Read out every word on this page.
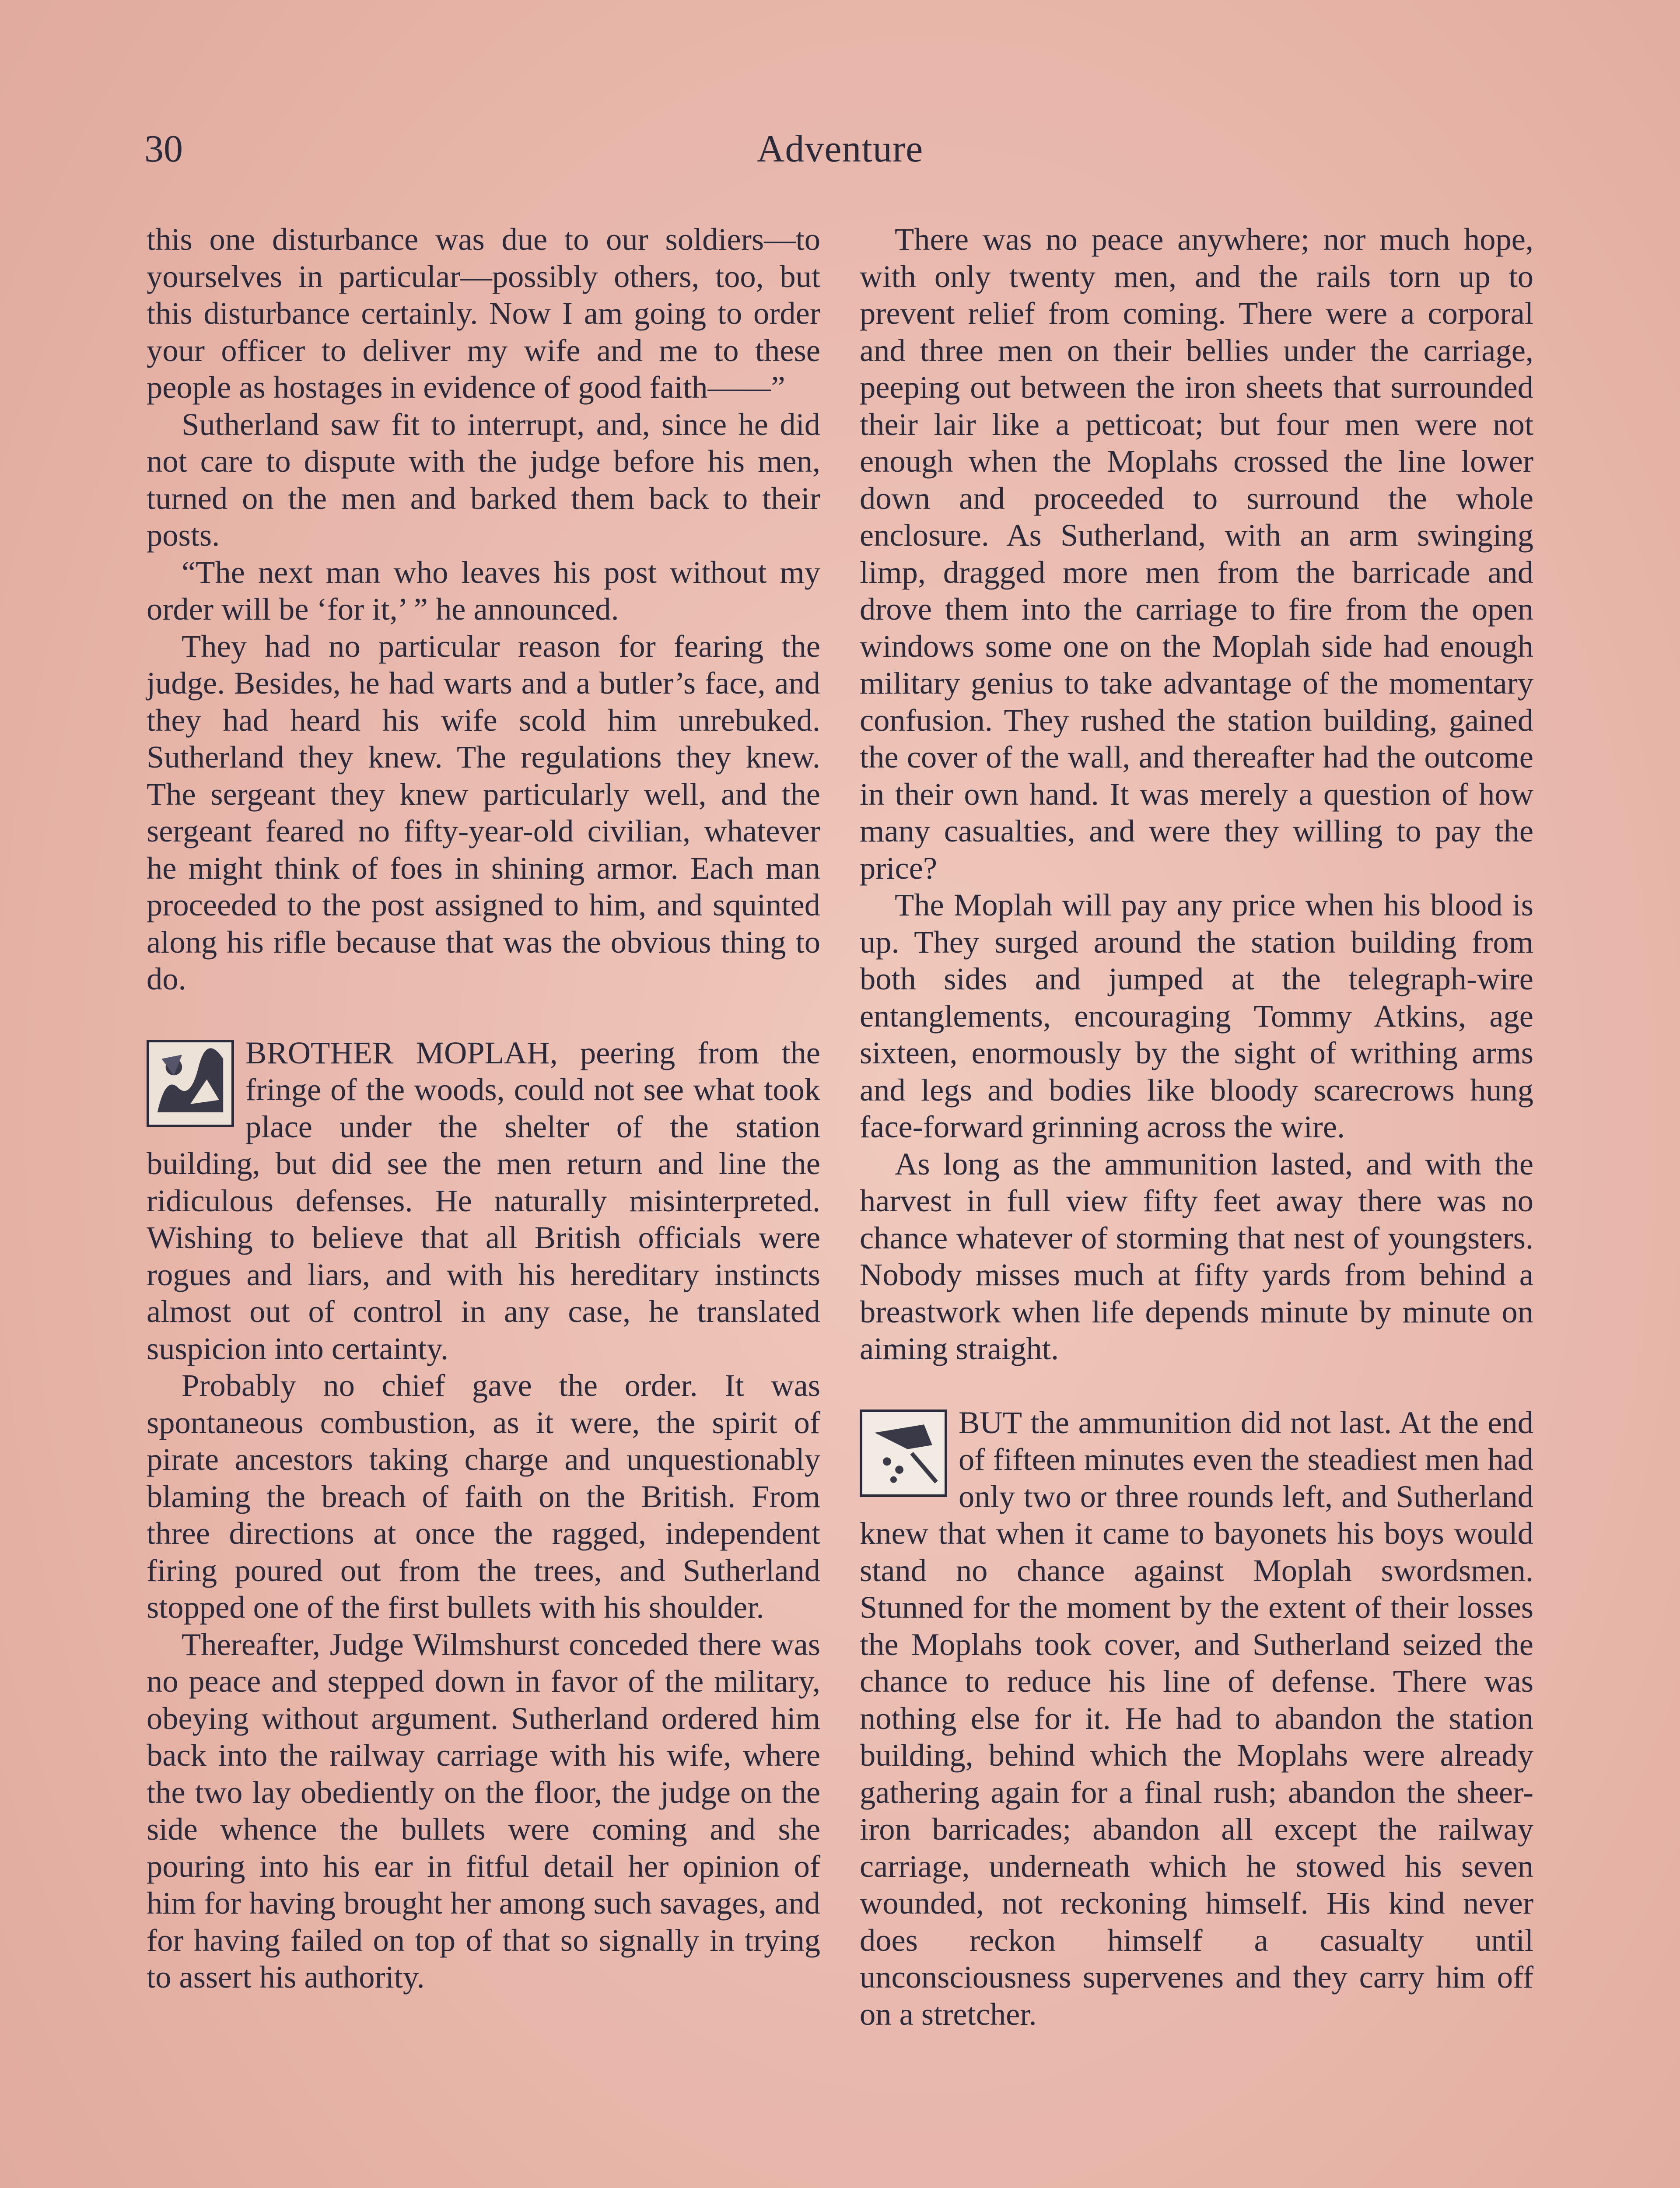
30	Adventure

this one disturbance was due to our soldiers—to yourselves in particular—possibly others, too, but this disturbance certainly. Now I am going to order your officer to deliver my wife and me to these people as hostages in evidence of good faith——”

Sutherland saw fit to interrupt, and, since he did not care to dispute with the judge before his men, turned on the men and barked them back to their posts.

“The next man who leaves his post without my order will be ‘for it,’ ” he announced.

They had no particular reason for fearing the judge. Besides, he had warts and a butler’s face, and they had heard his wife scold him unrebuked. Sutherland they knew. The regulations they knew. The sergeant they knew particularly well, and the sergeant feared no fifty-year-old civilian, whatever he might think of foes in shining armor. Each man proceeded to the post assigned to him, and squinted along his rifle because that was the obvious thing to do.

BROTHER MOPLAH, peering from the fringe of the woods, could not see what took place under the shelter of the station building, but did see the men return and line the ridiculous defenses. He naturally misinterpreted. Wishing to believe that all British officials were rogues and liars, and with his hereditary instincts almost out of control in any case, he translated suspicion into certainty.

Probably no chief gave the order. It was spontaneous combustion, as it were, the spirit of pirate ancestors taking charge and unquestionably blaming the breach of faith on the British. From three directions at once the ragged, independent firing poured out from the trees, and Sutherland stopped one of the first bullets with his shoulder.

Thereafter, Judge Wilmshurst conceded there was no peace and stepped down in favor of the military, obeying without argument. Sutherland ordered him back into the railway carriage with his wife, where the two lay obediently on the floor, the judge on the side whence the bullets were coming and she pouring into his ear in fitful detail her opinion of him for having brought her among such savages, and for having failed on top of that so signally in trying to assert his authority.

There was no peace anywhere; nor much hope, with only twenty men, and the rails torn up to prevent relief from coming. There were a corporal and three men on their bellies under the carriage, peeping out between the iron sheets that surrounded their lair like a petticoat; but four men were not enough when the Moplahs crossed the line lower down and proceeded to surround the whole enclosure. As Sutherland, with an arm swinging limp, dragged more men from the barricade and drove them into the carriage to fire from the open windows some one on the Moplah side had enough military genius to take advantage of the momentary confusion. They rushed the station building, gained the cover of the wall, and thereafter had the outcome in their own hand. It was merely a question of how many casualties, and were they willing to pay the price?

The Moplah will pay any price when his blood is up. They surged around the station building from both sides and jumped at the telegraph-wire entanglements, encouraging Tommy Atkins, age sixteen, enormously by the sight of writhing arms and legs and bodies like bloody scarecrows hung face-forward grinning across the wire.

As long as the ammunition lasted, and with the harvest in full view fifty feet away there was no chance whatever of storming that nest of youngsters. Nobody misses much at fifty yards from behind a breastwork when life depends minute by minute on aiming straight.

BUT the ammunition did not last. At the end of fifteen minutes even the steadiest men had only two or three rounds left, and Sutherland knew that when it came to bayonets his boys would stand no chance against Moplah swordsmen. Stunned for the moment by the extent of their losses the Moplahs took cover, and Sutherland seized the chance to reduce his line of defense. There was nothing else for it. He had to abandon the station building, behind which the Moplahs were already gathering again for a final rush; abandon the sheer-iron barricades; abandon all except the railway carriage, underneath which he stowed his seven wounded, not reckoning himself. His kind never does reckon himself a casualty until unconsciousness supervenes and they carry him off on a stretcher.
